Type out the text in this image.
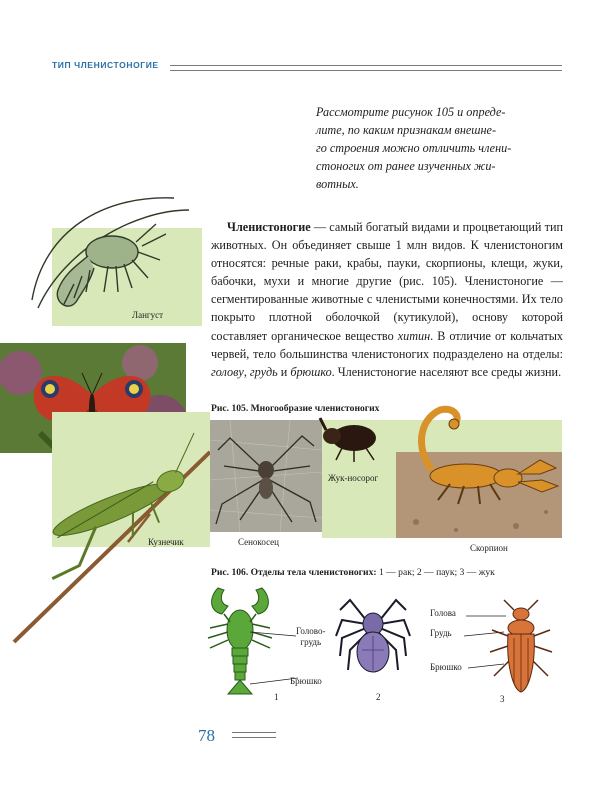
ТИП ЧЛЕНИСТОНОГИЕ
Рассмотрите рисунок 105 и опреде-
лите, по каким признакам внешне-
го строения можно отличить члени-
стоногих от ранее изученных жи-
вотных.
Лангуст
Кузнечик	Сенокосец
Скорпион
Жук-носорог
Членистоногие — самый богатый видами и процветающий тип животных. Он объединяет свыше 1 млн видов. К членистоногим относятся: речные раки, крабы, пауки, скорпионы, клещи, жуки, бабочки, мухи и многие другие (рис. 105). Членистоногие — сегментированные животные с членистыми конечностями. Их тело покрыто плотной оболочкой (кутикулой), основу которой составляет органическое вещество хитин. В отличие от кольчатых червей, тело большинства членистоногих подразделено на отделы: голову, грудь и брюшко. Членистоногие населяют все среды жизни.
Рис. 105. Многообразие членистоногих
Рис. 106. Отделы тела членистоногих: 1 — рак; 2 — паук; 3 — жук
Голово-
грудь
Брюшко
1	2
Голова
Грудь
Брюшко
3
78
